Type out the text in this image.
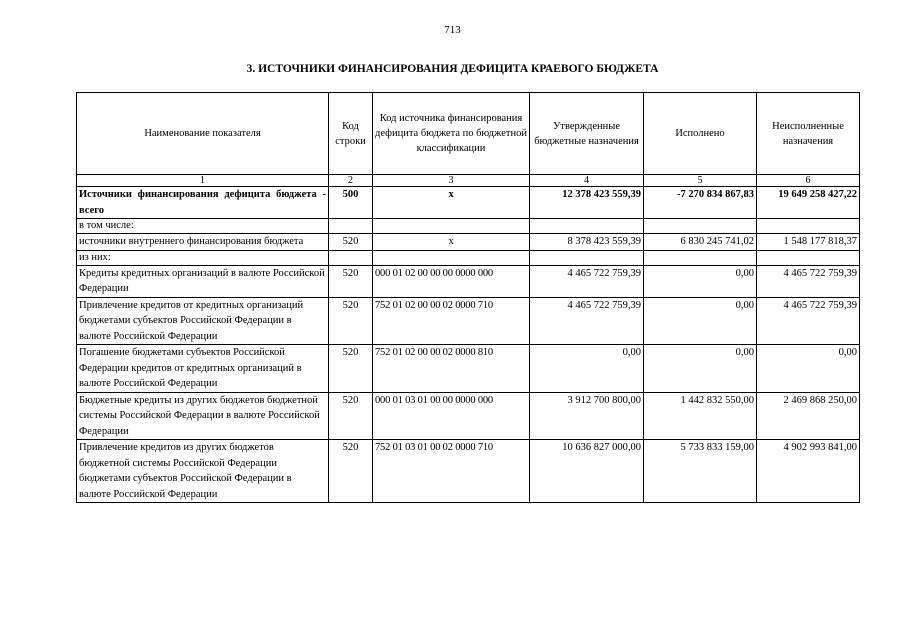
713
3. ИСТОЧНИКИ ФИНАНСИРОВАНИЯ ДЕФИЦИТА КРАЕВОГО БЮДЖЕТА
Наименование показателя	Код строки	Код источника финансирования дефицита бюджета по бюджетной классификации	Утвержденные бюджетные назначения	Исполнено	Неисполненные назначения
1	2	3	4	5	6
Источники финансирования дефицита бюджета - всего	500	x	12 378 423 559,39	-7 270 834 867,83	19 649 258 427,22
в том числе:					
источники внутреннего финансирования бюджета	520	x	8 378 423 559,39	6 830 245 741,02	1 548 177 818,37
из них:					
Кредиты кредитных организаций в валюте Российской Федерации	520	000 01 02 00 00 00 0000 000	4 465 722 759,39	0,00	4 465 722 759,39
Привлечение кредитов от кредитных организаций бюджетами субъектов Российской Федерации в валюте Российской Федерации	520	752 01 02 00 00 02 0000 710	4 465 722 759,39	0,00	4 465 722 759,39
Погашение бюджетами субъектов Российской Федерации кредитов от кредитных организаций в валюте Российской Федерации	520	752 01 02 00 00 02 0000 810	0,00	0,00	0,00
Бюджетные кредиты из других бюджетов бюджетной системы Российской Федерации в валюте Российской Федерации	520	000 01 03 01 00 00 0000 000	3 912 700 800,00	1 442 832 550,00	2 469 868 250,00
Привлечение кредитов из других бюджетов бюджетной системы Российской Федерации бюджетами субъектов Российской Федерации в валюте Российской Федерации	520	752 01 03 01 00 02 0000 710	10 636 827 000,00	5 733 833 159,00	4 902 993 841,00
